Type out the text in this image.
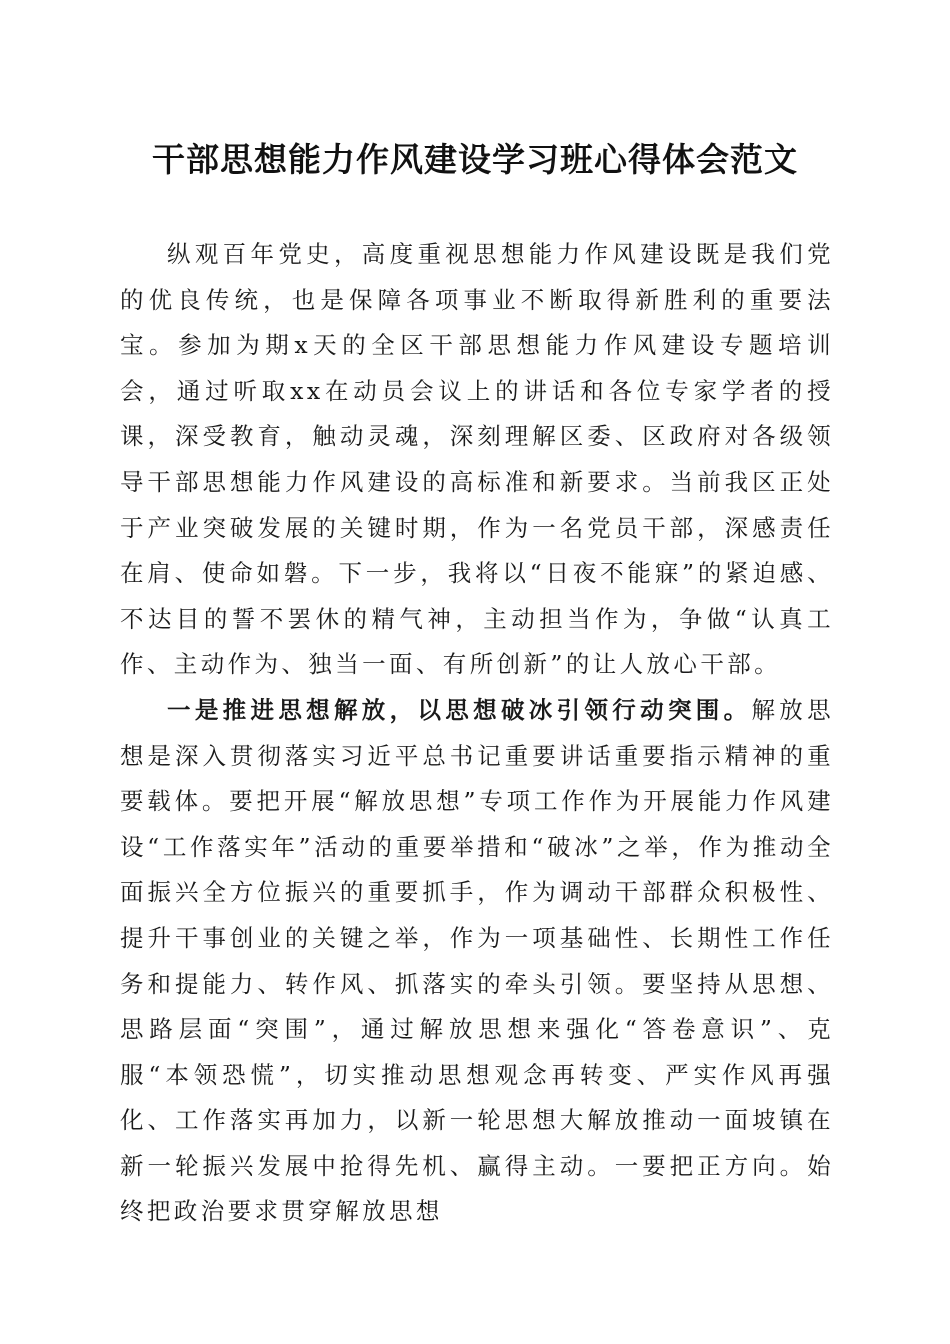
干部思想能力作风建设学习班心得体会范文

纵观百年党史，高度重视思想能力作风建设既是我们党的优良传统，也是保障各项事业不断取得新胜利的重要法宝。参加为期x天的全区干部思想能力作风建设专题培训会，通过听取xx在动员会议上的讲话和各位专家学者的授课，深受教育，触动灵魂，深刻理解区委、区政府对各级领导干部思想能力作风建设的高标准和新要求。当前我区正处于产业突破发展的关键时期，作为一名党员干部，深感责任在肩、使命如磐。下一步，我将以“日夜不能寐”的紧迫感、不达目的誓不罢休的精气神，主动担当作为，争做“认真工作、主动作为、独当一面、有所创新”的让人放心干部。

一是推进思想解放，以思想破冰引领行动突围。解放思想是深入贯彻落实习近平总书记重要讲话重要指示精神的重要载体。要把开展“解放思想”专项工作作为开展能力作风建设“工作落实年”活动的重要举措和“破冰”之举，作为推动全面振兴全方位振兴的重要抓手，作为调动干部群众积极性、提升干事创业的关键之举，作为一项基础性、长期性工作任务和提能力、转作风、抓落实的牵头引领。要坚持从思想、思路层面“突围”，通过解放思想来强化“答卷意识”、克服“本领恐慌”，切实推动思想观念再转变、严实作风再强化、工作落实再加力，以新一轮思想大解放推动一面坡镇在新一轮振兴发展中抢得先机、赢得主动。一要把正方向。始终把政治要求贯穿解放思想
